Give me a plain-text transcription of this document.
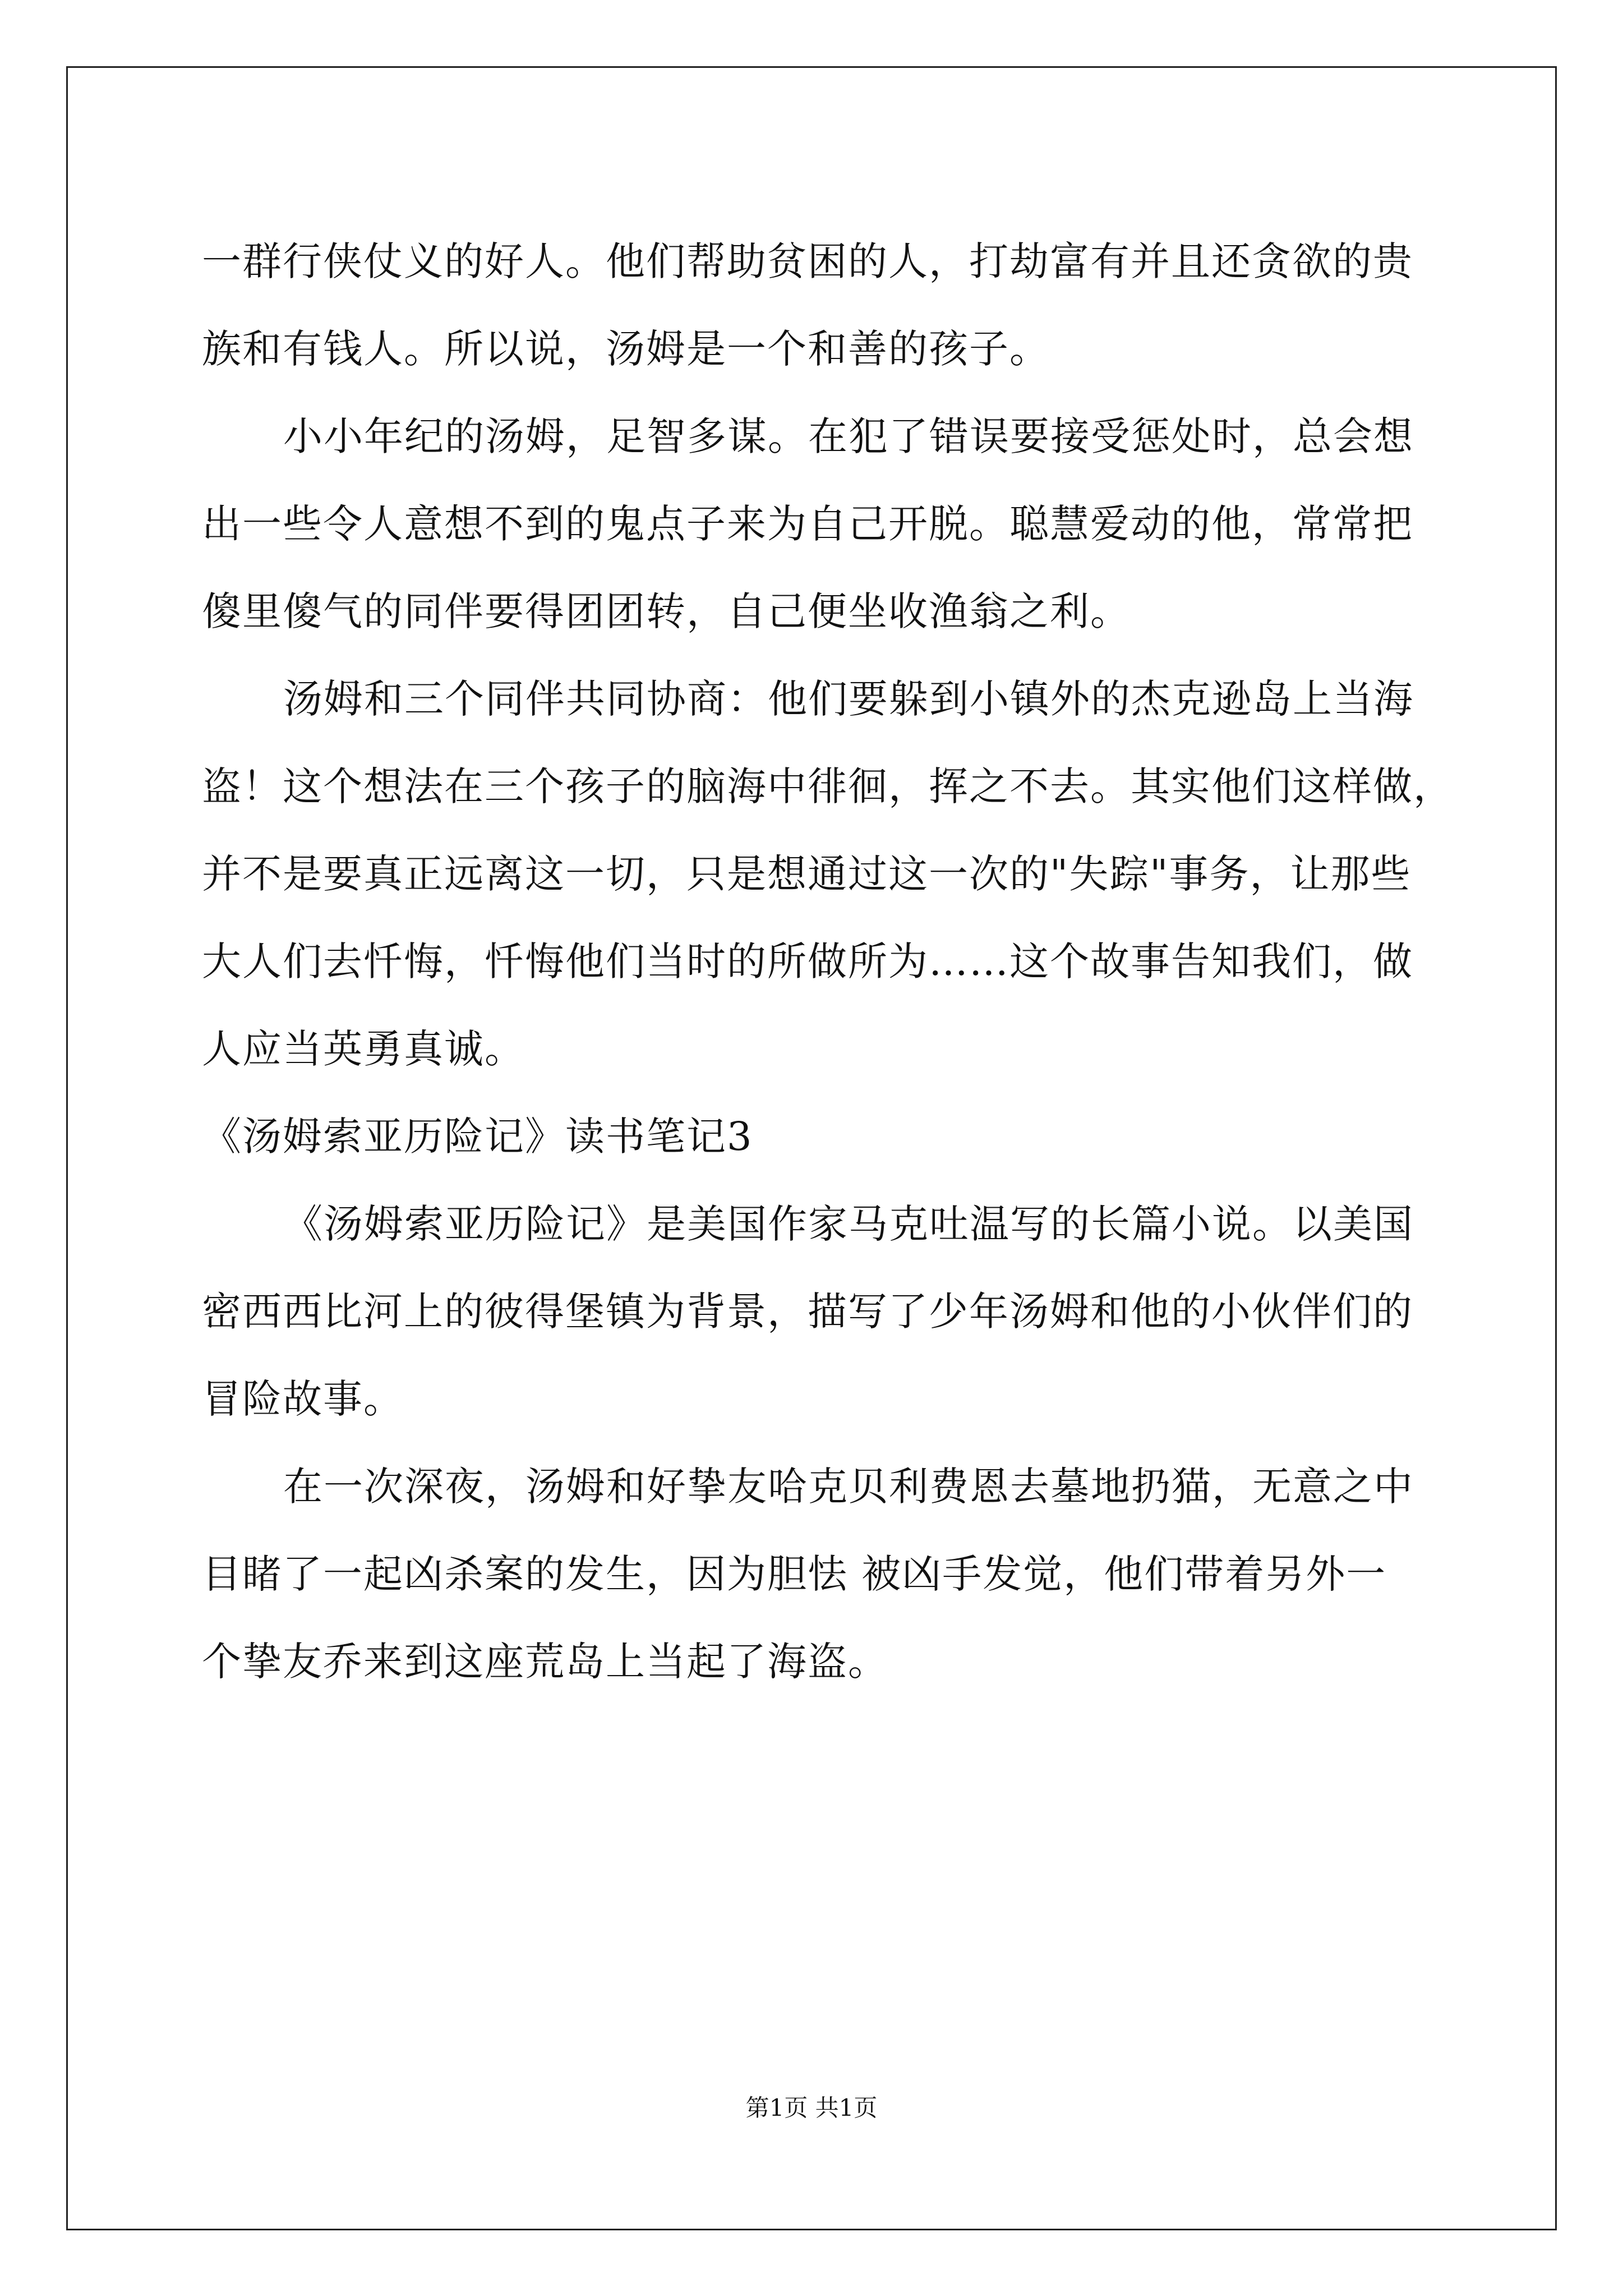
一群行侠仗义的好人。他们帮助贫困的人，打劫富有并且还贪欲的贵
族和有钱人。所以说，汤姆是一个和善的孩子。
小小年纪的汤姆，足智多谋。在犯了错误要接受惩处时，总会想
出一些令人意想不到的鬼点子来为自己开脱。聪慧爱动的他，常常把
傻里傻气的同伴要得团团转，自己便坐收渔翁之利。
汤姆和三个同伴共同协商：他们要躲到小镇外的杰克逊岛上当海
盗！这个想法在三个孩子的脑海中徘徊，挥之不去。其实他们这样做，
并不是要真正远离这一切，只是想通过这一次的"失踪"事务，让那些
大人们去忏悔，忏悔他们当时的所做所为……这个故事告知我们，做
人应当英勇真诚。
《汤姆索亚历险记》读书笔记3
《汤姆索亚历险记》是美国作家马克吐温写的长篇小说。以美国
密西西比河上的彼得堡镇为背景，描写了少年汤姆和他的小伙伴们的
冒险故事。
在一次深夜，汤姆和好挚友哈克贝利费恩去墓地扔猫，无意之中
目睹了一起凶杀案的发生，因为胆怯 被凶手发觉，他们带着另外一
个挚友乔来到这座荒岛上当起了海盗。
第1页 共1页
